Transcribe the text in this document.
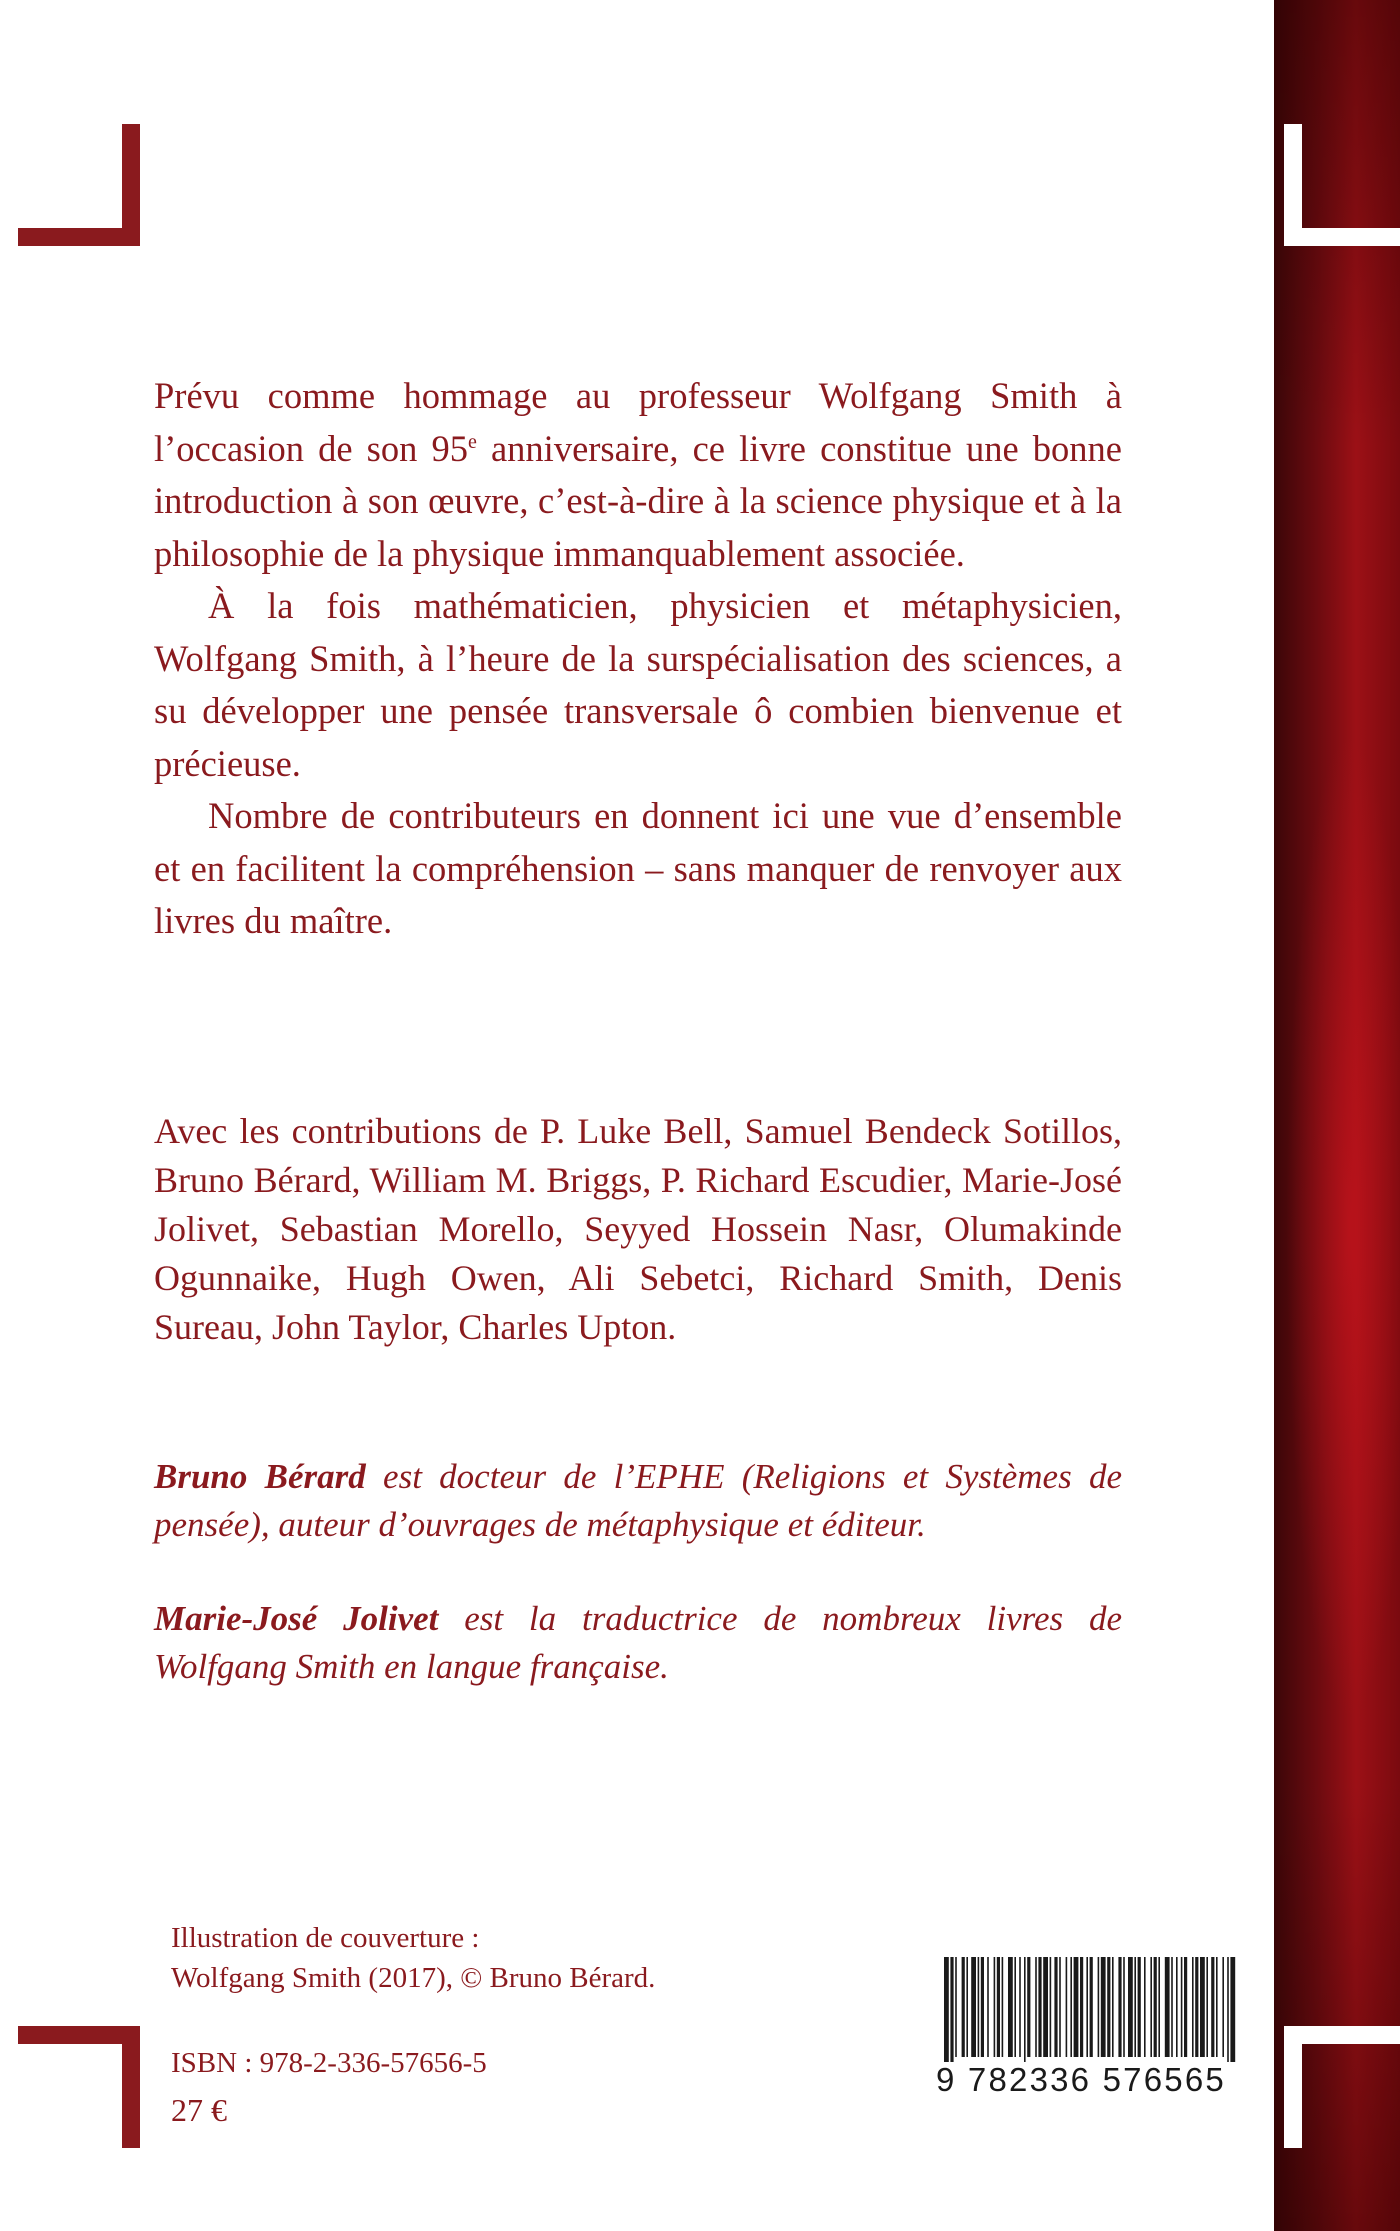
Prévu comme hommage au professeur Wolfgang Smith à l’occasion de son 95e anniversaire, ce livre constitue une bonne introduction à son œuvre, c’est-à-dire à la science physique et à la philosophie de la physique immanquablement associée.

À la fois mathématicien, physicien et métaphysicien, Wolfgang Smith, à l’heure de la surspécialisation des sciences, a su développer une pensée transversale ô combien bienvenue et précieuse.

Nombre de contributeurs en donnent ici une vue d’ensemble et en facilitent la compréhension – sans manquer de renvoyer aux livres du maître.

Avec les contributions de P. Luke Bell, Samuel Bendeck Sotillos, Bruno Bérard, William M. Briggs, P. Richard Escudier, Marie-José Jolivet, Sebastian Morello, Seyyed Hossein Nasr, Olumakinde Ogunnaike, Hugh Owen, Ali Sebetci, Richard Smith, Denis Sureau, John Taylor, Charles Upton.

Bruno Bérard est docteur de l’EPHE (Religions et Systèmes de pensée), auteur d’ouvrages de métaphysique et éditeur.

Marie-José Jolivet est la traductrice de nombreux livres de Wolfgang Smith en langue française.

Illustration de couverture :
Wolfgang Smith (2017), © Bruno Bérard.
ISBN : 978-2-336-57656-5
27 €
9 782336 576565
